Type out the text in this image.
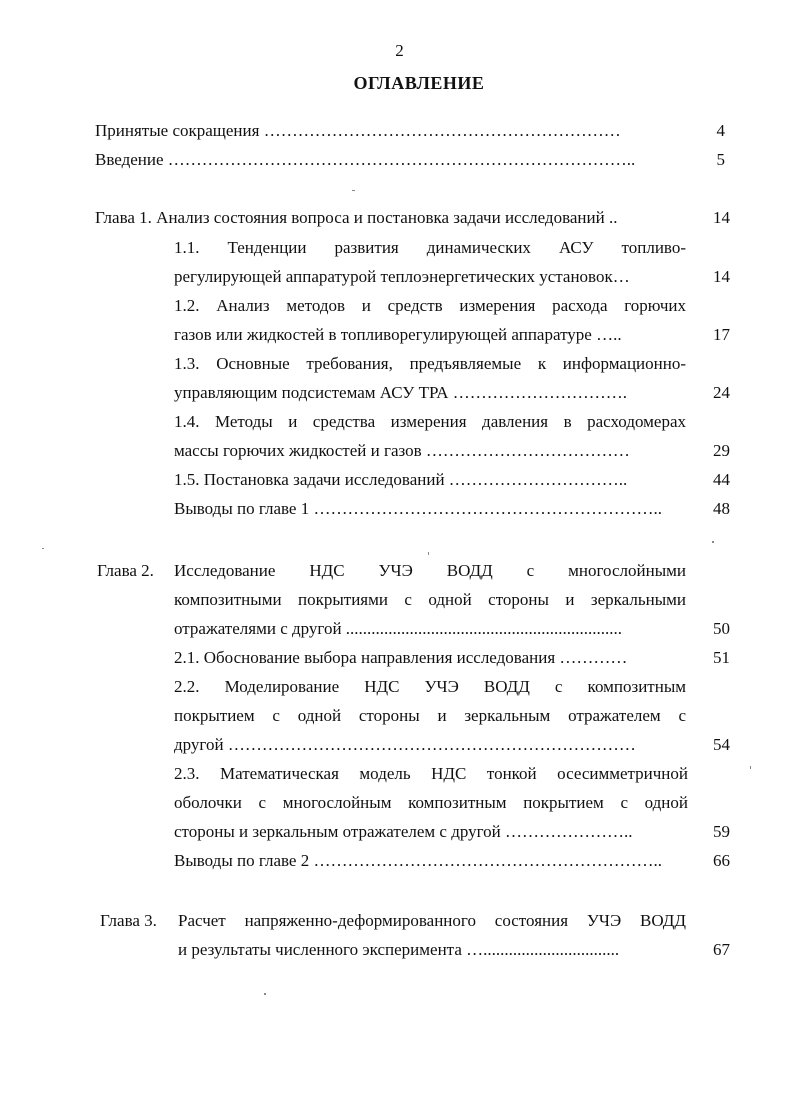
2
ОГЛАВЛЕНИЕ
Принятые сокращения ………………………………………………………	4
Введение ………………………………………………………………………..	5
Глава 1. Анализ состояния вопроса и постановка задачи исследований ..	14
1.1. Тенденции развития динамических АСУ топливо-
регулирующей аппаратурой теплоэнергетических установок…	14
1.2. Анализ методов и средств измерения расхода горючих
газов или жидкостей в топливорегулирующей аппаратуре …..	17
1.3. Основные требования, предъявляемые к информационно-
управляющим подсистемам АСУ ТРА ………………………….	24
1.4. Методы и средства измерения давления в расходомерах
массы горючих жидкостей и газов ………………………………	29
1.5. Постановка задачи исследований …………………………..	44
Выводы по главе 1 ……………………………………………………..	48
Глава 2. Исследование НДС УЧЭ ВОДД с многослойными
композитными покрытиями с одной стороны и зеркальными
отражателями с другой .................................................................	50
2.1. Обоснование выбора направления исследования …………	51
2.2. Моделирование НДС УЧЭ ВОДД с композитным
покрытием с одной стороны и зеркальным отражателем с
другой ………………………………………………………………	54
2.3. Математическая модель НДС тонкой осесимметричной
оболочки с многослойным композитным покрытием с одной
стороны и зеркальным отражателем с другой …………………..	59
Выводы по главе 2 ……………………………………………………..	66
Глава 3. Расчет напряженно-деформированного состояния УЧЭ ВОДД
и результаты численного эксперимента …................................	67
